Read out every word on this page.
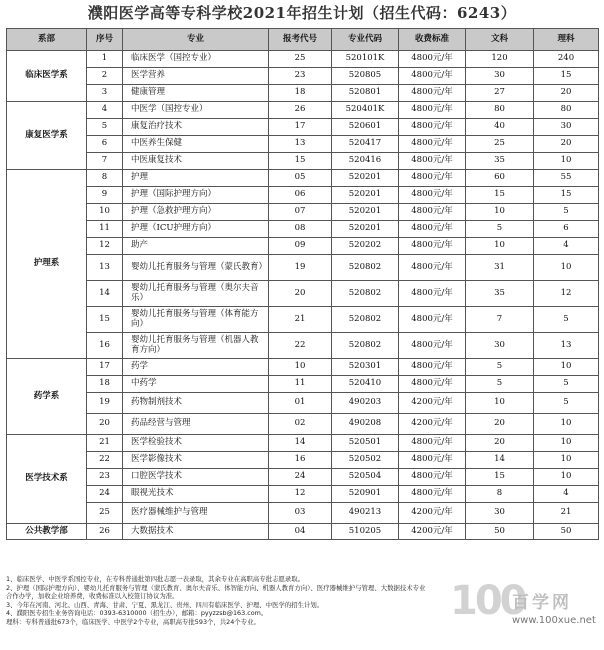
濮阳医学高等专科学校2021年招生计划（招生代码：6243）
系部	序号	专业	报考代号	专业代码	收费标准	文科	理科
临床医学系	1	临床医学（国控专业）	25	520101K	4800元/年	120	240
	2	医学营养	23	520805	4800元/年	30	15
	3	健康管理	18	520801	4800元/年	27	20
康复医学系	4	中医学（国控专业）	26	520401K	4800元/年	80	80
	5	康复治疗技术	17	520601	4800元/年	40	30
	6	中医养生保健	13	520417	4800元/年	25	20
	7	中医康复技术	15	520416	4800元/年	35	10
护理系	8	护理	05	520201	4800元/年	60	55
	9	护理（国际护理方向）	06	520201	4800元/年	15	15
	10	护理（急救护理方向）	07	520201	4800元/年	10	5
	11	护理（ICU护理方向）	08	520201	4800元/年	5	6
	12	助产	09	520202	4800元/年	10	4
	13	婴幼儿托育服务与管理（蒙氏教育）	19	520802	4800元/年	31	10
	14	婴幼儿托育服务与管理（奥尔夫音乐）	20	520802	4800元/年	35	12
	15	婴幼儿托育服务与管理（体育能方向）	21	520802	4800元/年	7	5
	16	婴幼儿托育服务与管理（机器人教育方向）	22	520802	4800元/年	30	13
药学系	17	药学	10	520301	4800元/年	5	10
	18	中药学	11	520410	4800元/年	5	5
	19	药物制剂技术	01	490203	4200元/年	10	5
	20	药品经营与管理	02	490208	4200元/年	20	10
医学技术系	21	医学检验技术	14	520501	4800元/年	20	10
	22	医学影像技术	16	520502	4800元/年	14	10
	23	口腔医学技术	24	520504	4800元/年	15	10
	24	眼视光技术	12	520901	4800元/年	8	4
	25	医疗器械维护与管理	03	490213	4200元/年	30	21
公共教学部	26	大数据技术	04	510205	4200元/年	50	50
1、临床医学、中医学系国控专业，在专科普通批第四批志愿一表录取，其余专业在高职高专批志愿录取。
2、护理（国际护理方向）、婴幼儿托育服务与管理（蒙氏教育、奥尔夫音乐、体智能方向、机器人教育方向）、医疗器械维护与管理、大数据技术专业
合作办学，加收企业培养费，收费标准以入校签订协议为准。
3、今年在河南、河北、山西、青海、甘肃、宁夏、黑龙江、贵州、四川有临床医学、护理、中医学的招生计划。
4、濮阳医专招生业务咨询电话：0393-6310000（招生办），邮箱：pyyzzsb@163.com。
理科：专科普通批673个，临床医学、中医学2个专业，高职高专批593个，共24个专业。	100
百学网
www.100xue.net
